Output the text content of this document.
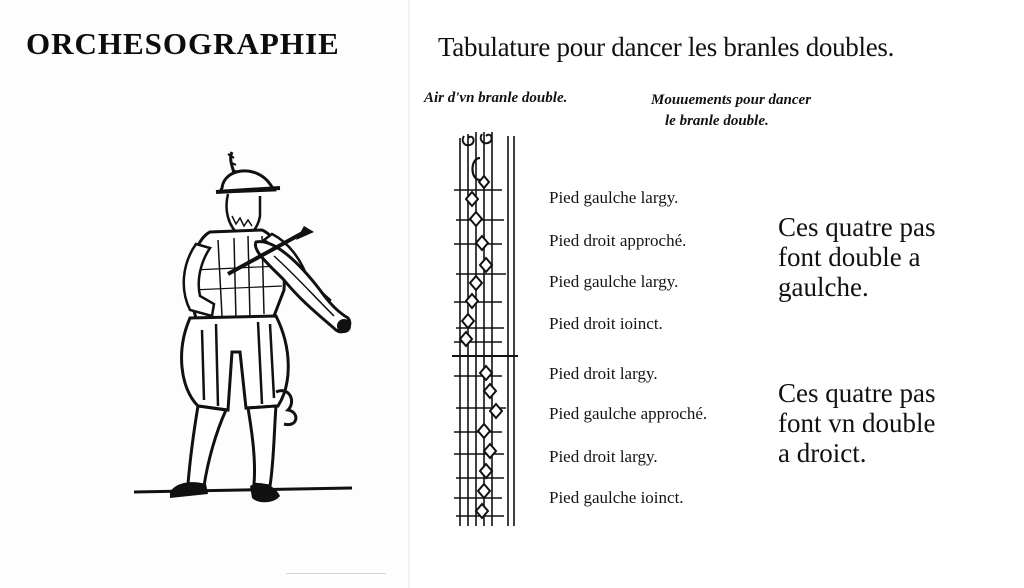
ORCHESOGRAPHIE	Tabulature pour dancer les branles doubles.
Air d'vn branle double.	Mouuements pour dancer
le branle double.
Pied gaulche largy.
Pied droit approché.
Pied gaulche largy.
Pied droit ioinct.
Pied droit largy.
Pied gaulche approché.
Pied droit largy.
Pied gaulche ioinct.
Ces quatre pas
font double a
gaulche.
Ces quatre pas
font vn double
a droict.
